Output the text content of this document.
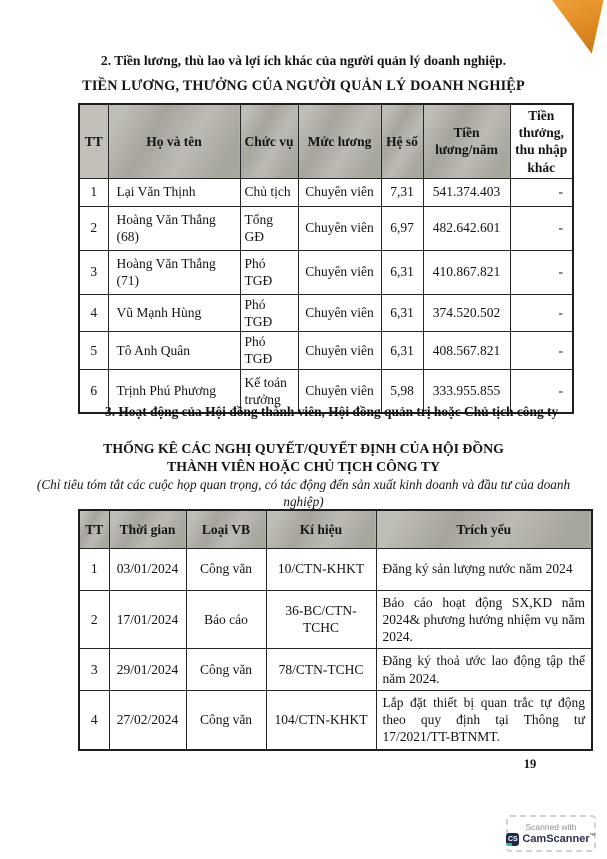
2. Tiền lương, thù lao và lợi ích khác của người quản lý doanh nghiệp.
TIỀN LƯƠNG, THƯỞNG CỦA NGƯỜI QUẢN LÝ DOANH NGHIỆP
TT	Họ và tên	Chức vụ	Mức lương	Hệ số	Tiền lương/năm	Tiền thưởng, thu nhập khác
1	Lại Văn Thịnh	Chủ tịch	Chuyên viên	7,31	541.374.403	-
2	Hoàng Văn Thắng (68)	Tổng GĐ	Chuyên viên	6,97	482.642.601	-
3	Hoàng Văn Thắng (71)	Phó TGĐ	Chuyên viên	6,31	410.867.821	-
4	Vũ Mạnh Hùng	Phó TGĐ	Chuyên viên	6,31	374.520.502	-
5	Tô Anh Quân	Phó TGĐ	Chuyên viên	6,31	408.567.821	-
6	Trịnh Phú Phương	Kế toán trưởng	Chuyên viên	5,98	333.955.855	-
3. Hoạt động của Hội đồng thành viên, Hội đồng quản trị hoặc Chủ tịch công ty
THỐNG KÊ CÁC NGHỊ QUYẾT/QUYẾT ĐỊNH CỦA HỘI ĐỒNG THÀNH VIÊN HOẶC CHỦ TỊCH CÔNG TY
(Chỉ tiêu tóm tắt các cuộc họp quan trọng, có tác động đến sản xuất kinh doanh và đầu tư của doanh nghiệp)
TT	Thời gian	Loại VB	Kí hiệu	Trích yếu
1	03/01/2024	Công văn	10/CTN-KHKT	Đăng ký sản lượng nước năm 2024
2	17/01/2024	Báo cáo	36-BC/CTN-TCHC	Báo cáo hoạt động SX,KD năm 2024& phương hướng nhiệm vụ năm 2024.
3	29/01/2024	Công văn	78/CTN-TCHC	Đăng ký thoả ước lao động tập thể năm 2024.
4	27/02/2024	Công văn	104/CTN-KHKT	Lắp đặt thiết bị quan trắc tự động theo quy định tại Thông tư 17/2021/TT-BTNMT.
19
Scanned with
CS CamScanner™
